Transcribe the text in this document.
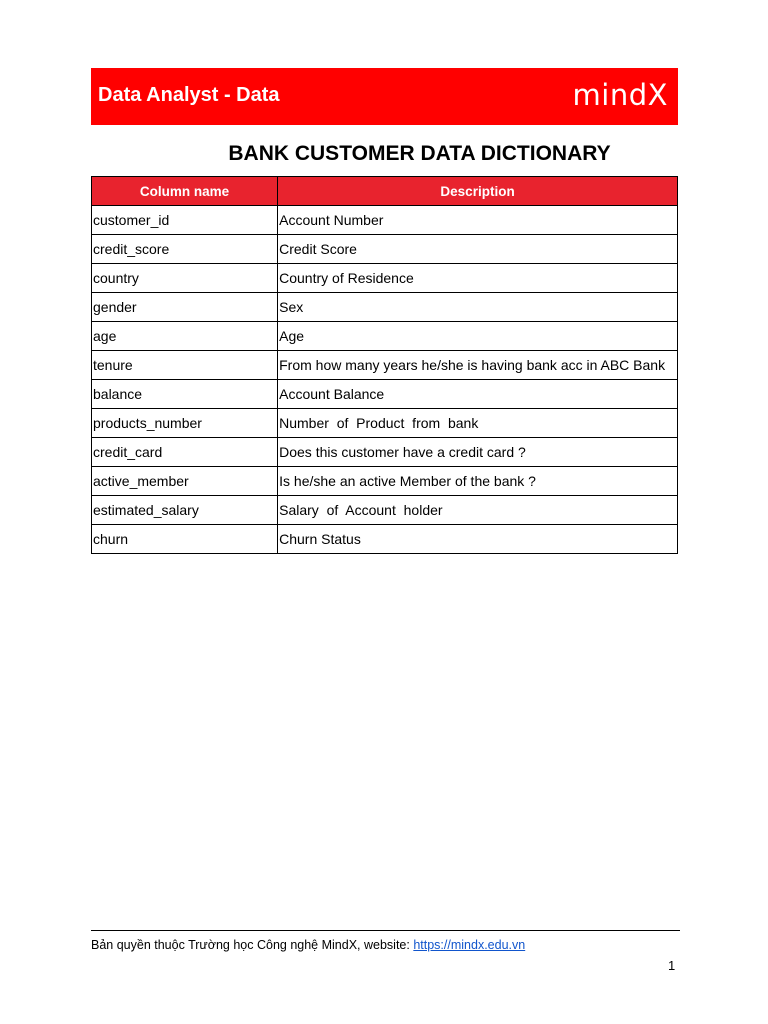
Data Analyst - Data	mindX
BANK CUSTOMER DATA DICTIONARY
Column name	Description
customer_id	Account Number
credit_score	Credit Score
country	Country of Residence
gender	Sex
age	Age
tenure	From how many years he/she is having bank acc in ABC Bank
balance	Account Balance
products_number	Number  of  Product  from  bank
credit_card	Does this customer have a credit card ?
active_member	Is he/she an active Member of the bank ?
estimated_salary	Salary  of  Account  holder
churn	Churn Status
Bản quyền thuộc Trường học Công nghệ MindX, website: https://mindx.edu.vn
1
